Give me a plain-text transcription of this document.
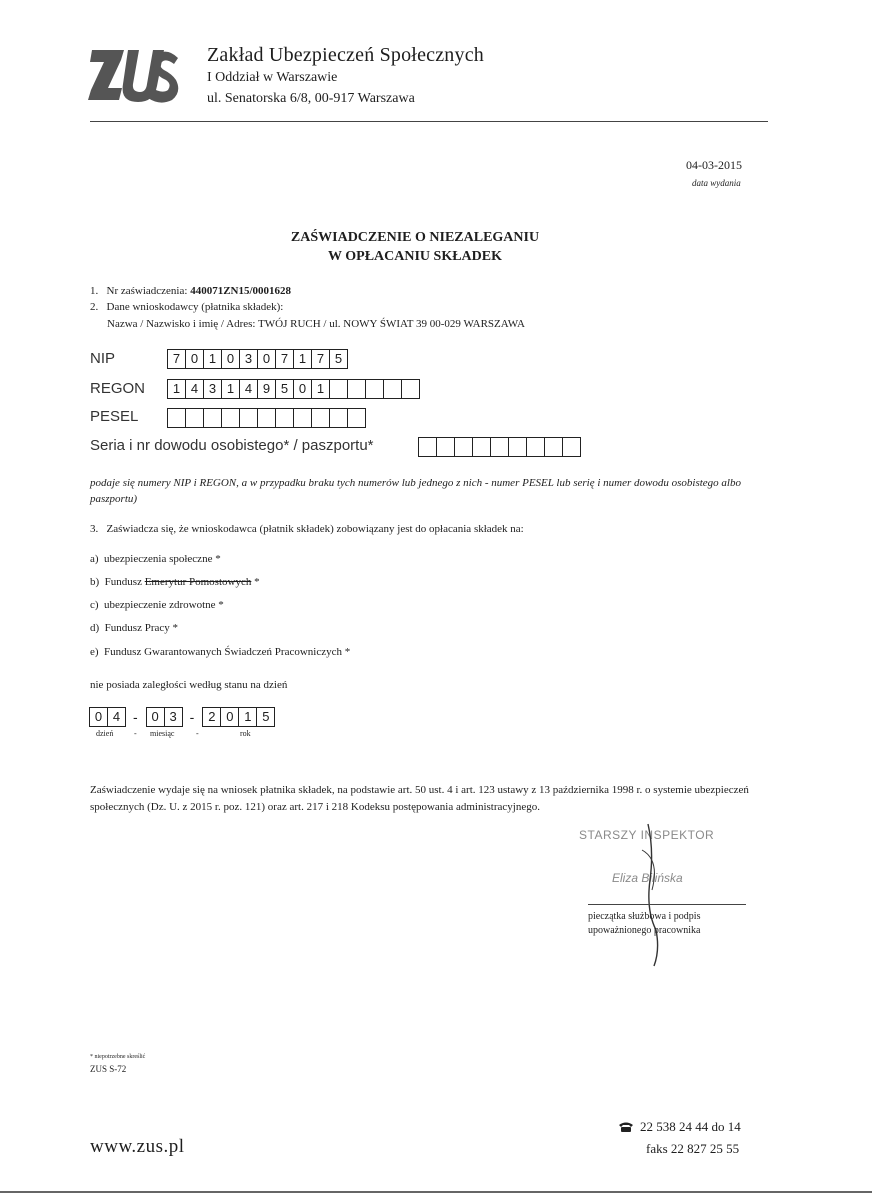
Zakład Ubezpieczeń Społecznych
I Oddział w Warszawie
ul. Senatorska 6/8, 00-917 Warszawa
04-03-2015
data wydania
ZAŚWIADCZENIE O NIEZALEGANIU
W OPŁACANIU SKŁADEK
1. Nr zaświadczenia: 440071ZN15/0001628
2. Dane wnioskodawcy (płatnika składek):
Nazwa / Nazwisko i imię / Adres: TWÓJ RUCH / ul. NOWY ŚWIAT 39 00-029 WARSZAWA
NIP	7 0 1 0 3 0 7 1 7 5
REGON	1 4 3 1 4 9 5 0 1
PESEL
Seria i nr dowodu osobistego* / paszportu*
podaje się numery NIP i REGON, a w przypadku braku tych numerów lub jednego z nich - numer PESEL lub serię i numer dowodu osobistego albo paszportu)
3. Zaświadcza się, że wnioskodawca (płatnik składek) zobowiązany jest do opłacania składek na:
a) ubezpieczenia społeczne *
b) Fundusz Emerytur Pomostowych *
c) ubezpieczenie zdrowotne *
d) Fundusz Pracy *
e) Fundusz Gwarantowanych Świadczeń Pracowniczych *
nie posiada zaległości według stanu na dzień
0 4 -	0 3 -	2 0 1 5
dzień	- miesiąc	-	rok
Zaświadczenie wydaje się na wniosek płatnika składek, na podstawie art. 50 ust. 4 i art. 123 ustawy z 13 października 1998 r. o systemie ubezpieczeń społecznych (Dz. U. z 2015 r. poz. 121) oraz art. 217 i 218 Kodeksu postępowania administracyjnego.
STARSZY INSPEKTOR
Eliza Bilińska
pieczątka służbowa i podpis
upoważnionego pracownika
* niepotrzebne skreślić
ZUS S-72
www.zus.pl
22 538 24 44 do 14
faks 22 827 25 55
